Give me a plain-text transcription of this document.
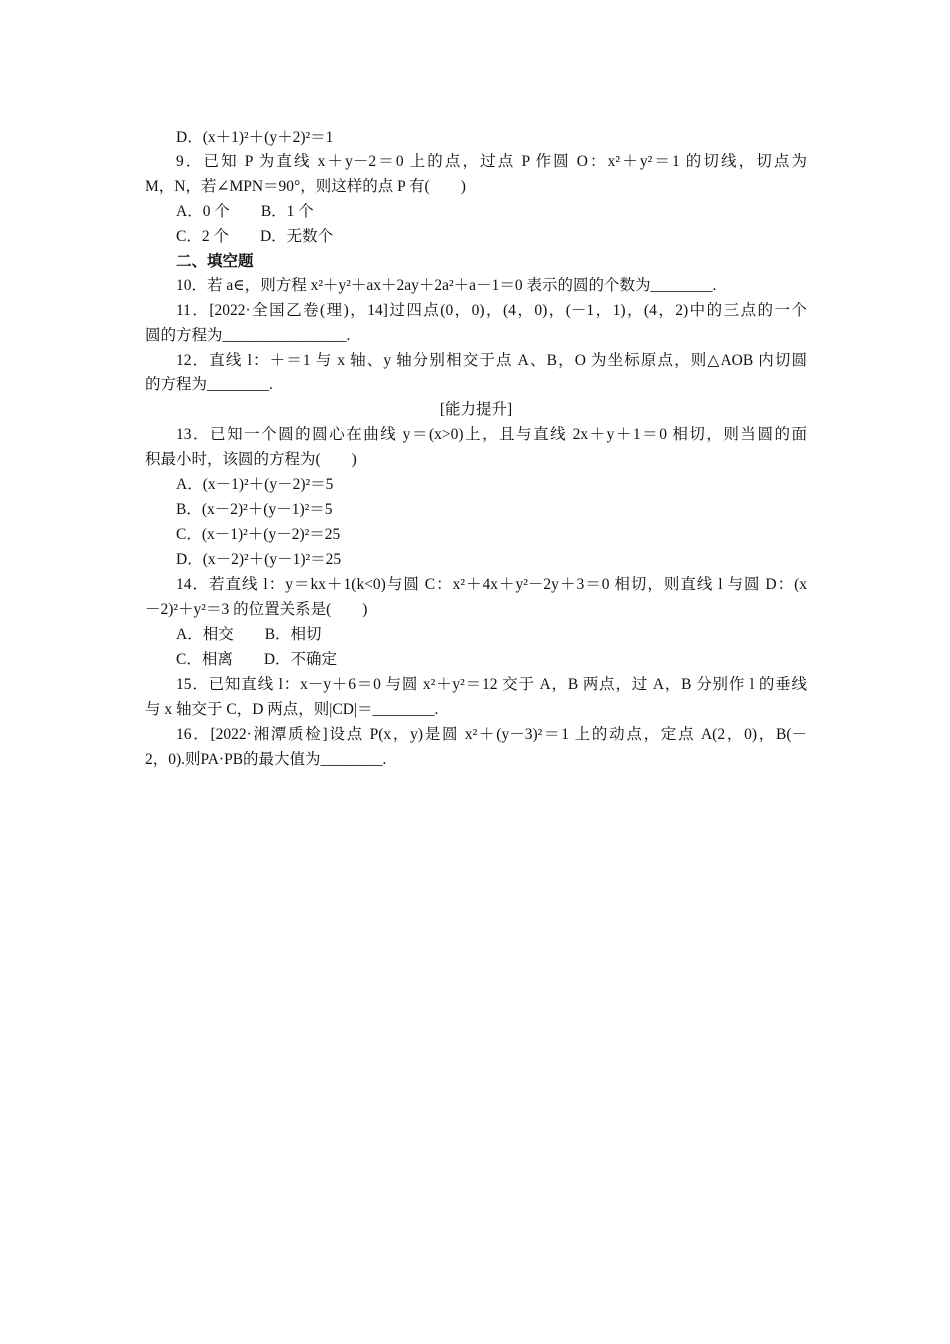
D．(x＋1)²＋(y＋2)²＝1
9．已知 P 为直线 x＋y－2＝0 上的点，过点 P 作圆 O：x²＋y²＝1 的切线，切点为
M，N，若∠MPN＝90°，则这样的点 P 有(　　)
A．0 个　　B．1 个
C．2 个　　D．无数个
二、填空题
10．若 a∈，则方程 x²＋y²＋ax＋2ay＋2a²＋a－1＝0 表示的圆的个数为________.
11．[2022·全国乙卷(理)，14]过四点(0，0)，(4，0)，(－1，1)，(4，2)中的三点的一个
圆的方程为________________.
12．直线 l：＋＝1 与 x 轴、y 轴分别相交于点 A、B，O 为坐标原点，则△AOB 内切圆
的方程为________.
[能力提升]
13．已知一个圆的圆心在曲线 y＝(x>0)上，且与直线 2x＋y＋1＝0 相切，则当圆的面
积最小时，该圆的方程为(　　)
A．(x－1)²＋(y－2)²＝5
B．(x－2)²＋(y－1)²＝5
C．(x－1)²＋(y－2)²＝25
D．(x－2)²＋(y－1)²＝25
14．若直线 l：y＝kx＋1(k<0)与圆 C：x²＋4x＋y²－2y＋3＝0 相切，则直线 l 与圆 D：(x
－2)²＋y²＝3 的位置关系是(　　)
A．相交　　B．相切
C．相离　　D．不确定
15．已知直线 l：x－y＋6＝0 与圆 x²＋y²＝12 交于 A，B 两点，过 A，B 分别作 l 的垂线
与 x 轴交于 C，D 两点，则|CD|＝________.
16．[2022·湘潭质检]设点 P(x，y)是圆 x²＋(y－3)²＝1 上的动点，定点 A(2，0)，B(－
2，0).则PA·PB的最大值为________.
